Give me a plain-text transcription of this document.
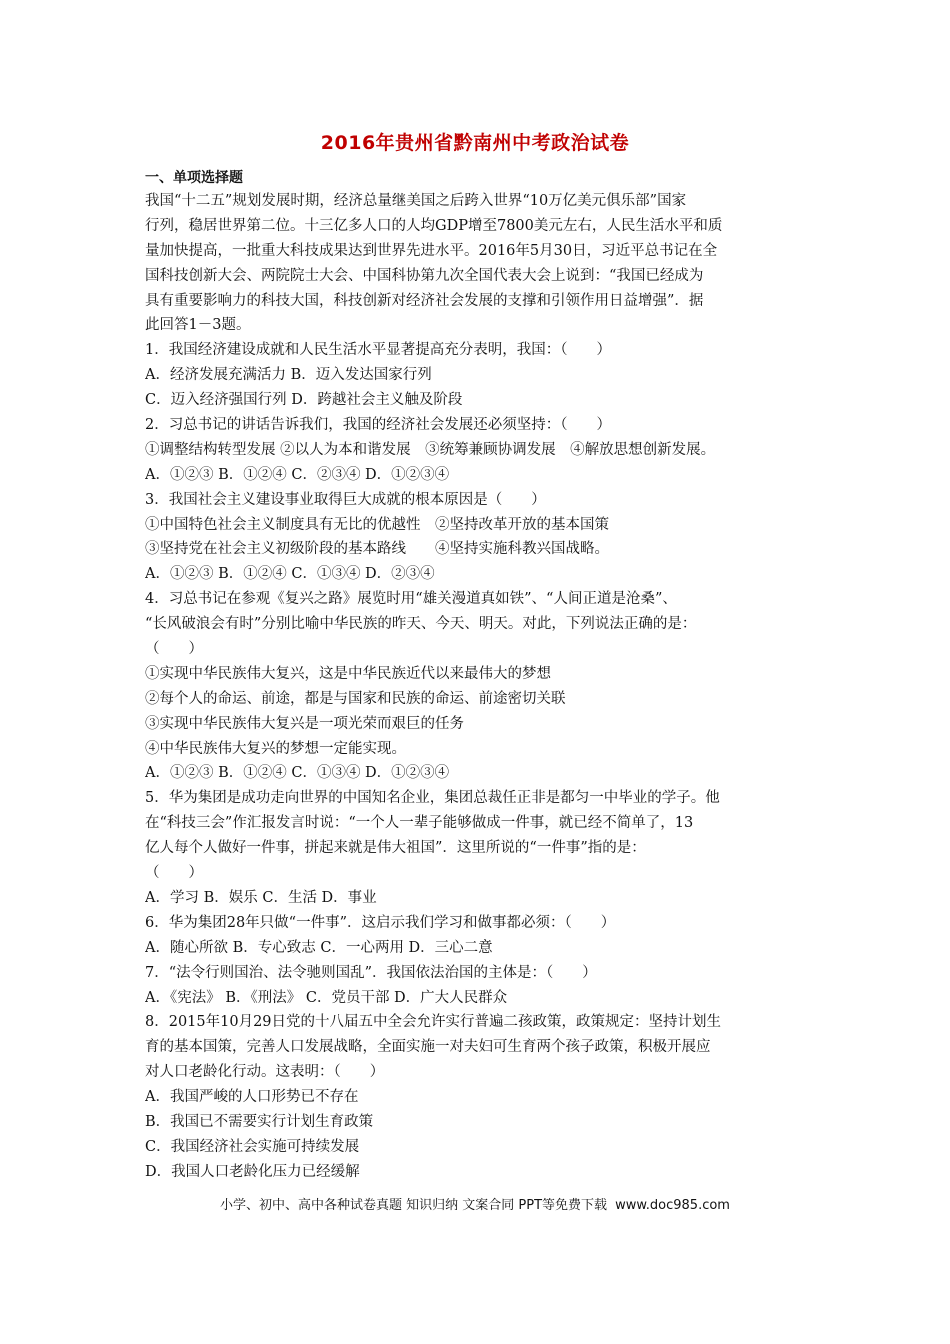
2016年贵州省黔南州中考政治试卷
一、单项选择题
我国“十二五”规划发展时期，经济总量继美国之后跨入世界“10万亿美元俱乐部”国家
行列，稳居世界第二位。十三亿多人口的人均GDP增至7800美元左右，人民生活水平和质
量加快提高，一批重大科技成果达到世界先进水平。2016年5月30日，习近平总书记在全
国科技创新大会、两院院士大会、中国科协第九次全国代表大会上说到：“我国已经成为
具有重要影响力的科技大国，科技创新对经济社会发展的支撑和引领作用日益增强”．据
此回答1－3题。
1．我国经济建设成就和人民生活水平显著提高充分表明，我国：（　　）
A．经济发展充满活力 B．迈入发达国家行列
C．迈入经济强国行列 D．跨越社会主义触及阶段
2．习总书记的讲话告诉我们，我国的经济社会发展还必须坚持：（　　）
①调整结构转型发展 ②以人为本和谐发展　③统筹兼顾协调发展　④解放思想创新发展。
A．①②③ B．①②④ C．②③④ D．①②③④
3．我国社会主义建设事业取得巨大成就的根本原因是（　　）
①中国特色社会主义制度具有无比的优越性　②坚持改革开放的基本国策
③坚持党在社会主义初级阶段的基本路线　　④坚持实施科教兴国战略。
A．①②③ B．①②④ C．①③④ D．②③④
4．习总书记在参观《复兴之路》展览时用“雄关漫道真如铁”、“人间正道是沧桑”、
“长风破浪会有时”分别比喻中华民族的昨天、今天、明天。对此，下列说法正确的是：
（　　）
①实现中华民族伟大复兴，这是中华民族近代以来最伟大的梦想
②每个人的命运、前途，都是与国家和民族的命运、前途密切关联
③实现中华民族伟大复兴是一项光荣而艰巨的任务
④中华民族伟大复兴的梦想一定能实现。
A．①②③ B．①②④ C．①③④ D．①②③④
5．华为集团是成功走向世界的中国知名企业，集团总裁任正非是都匀一中毕业的学子。他
在“科技三会”作汇报发言时说：“一个人一辈子能够做成一件事，就已经不简单了，13
亿人每个人做好一件事，拼起来就是伟大祖国”．这里所说的“一件事”指的是：
（　　）
A．学习 B．娱乐 C．生活 D．事业
6．华为集团28年只做“一件事”．这启示我们学习和做事都必须：（　　）
A．随心所欲 B．专心致志 C．一心两用 D．三心二意
7．“法令行则国治、法令驰则国乱”．我国依法治国的主体是：（　　）
A．《宪法》 B．《刑法》 C．党员干部 D．广大人民群众
8．2015年10月29日党的十八届五中全会允许实行普遍二孩政策，政策规定：坚持计划生
育的基本国策，完善人口发展战略，全面实施一对夫妇可生育两个孩子政策，积极开展应
对人口老龄化行动。这表明：（　　）
A．我国严峻的人口形势已不存在
B．我国已不需要实行计划生育政策
C．我国经济社会实施可持续发展
D．我国人口老龄化压力已经缓解
小学、初中、高中各种试卷真题 知识归纳 文案合同 PPT等免费下载 www.doc985.com
